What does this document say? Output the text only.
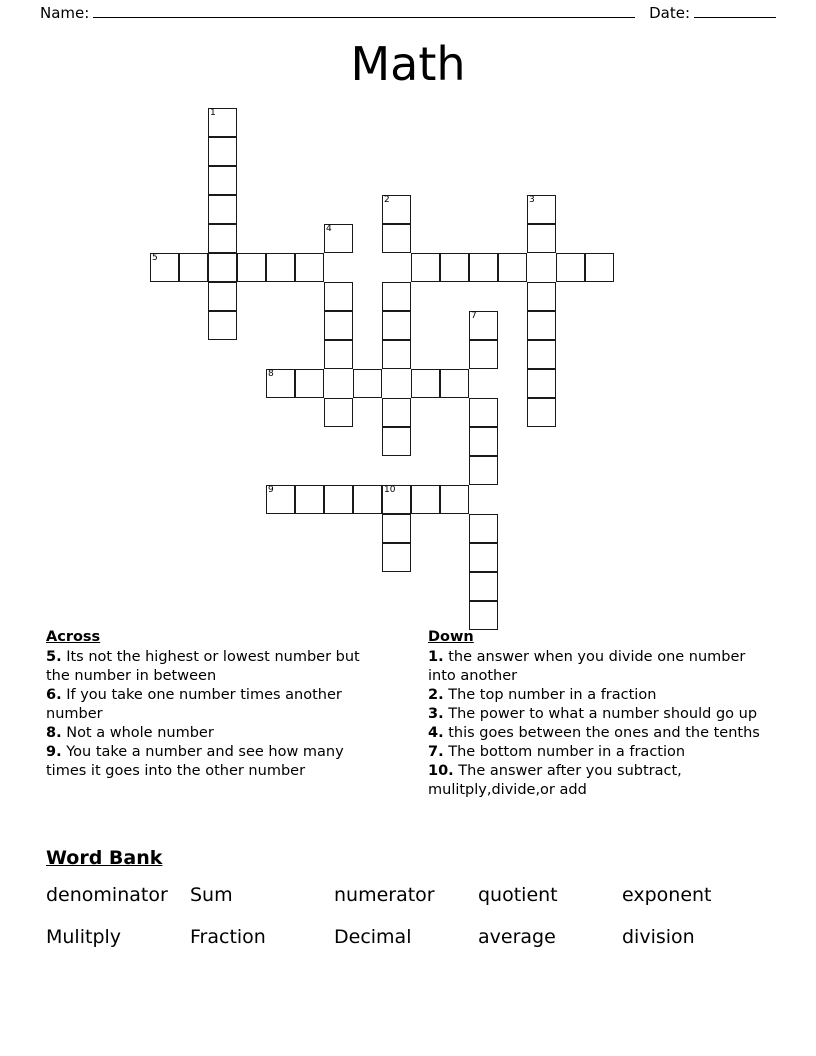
Name:	Date:
Math
1
2	3
4
5
7
8
9	10
Across

5. Its not the highest or lowest number but the number in between

6. If you take one number times another number

8. Not a whole number

9. You take a number and see how many times it goes into the other number

Down

1. the answer when you divide one number into another

2. The top number in a fraction

3. The power to what a number should go up

4. this goes between the ones and the tenths

7. The bottom number in a fraction

10. The answer after you subtract, mulitply,divide,or add

Word Bank
denominator	Sum	numerator	quotient	exponent
Mulitply	Fraction	Decimal	average	division
